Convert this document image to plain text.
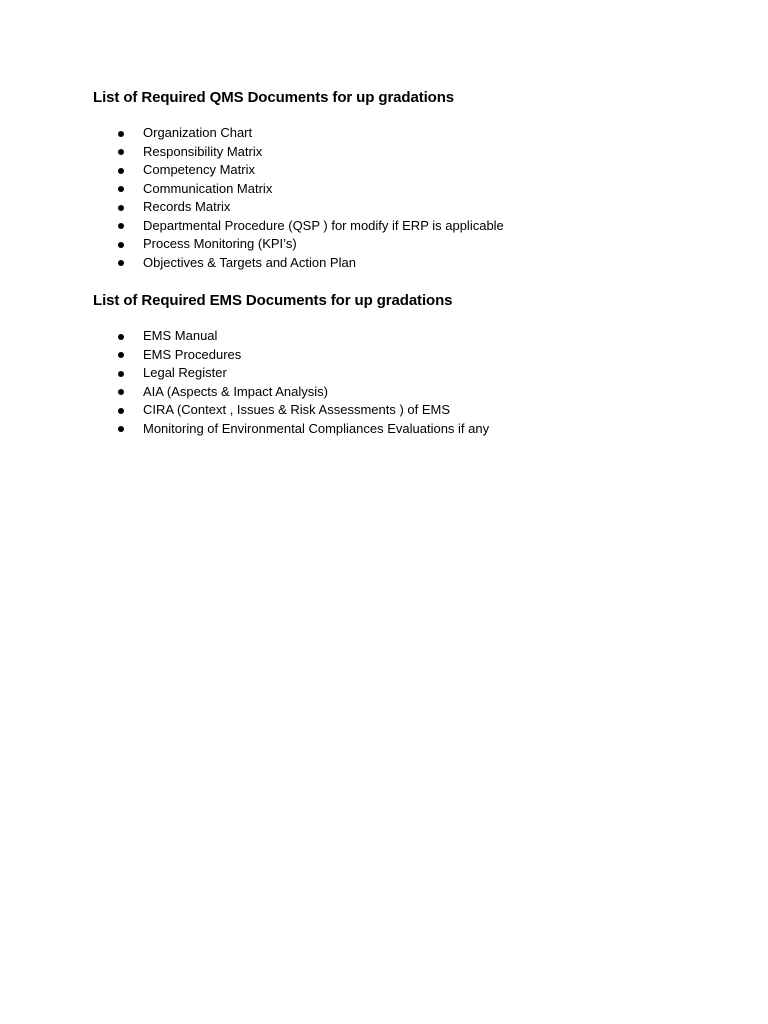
List of Required QMS Documents for up gradations
Organization Chart
Responsibility Matrix
Competency Matrix
Communication Matrix
Records Matrix
Departmental Procedure (QSP ) for modify if ERP is applicable
Process Monitoring (KPI’s)
Objectives & Targets and Action Plan
List of Required EMS Documents for up gradations
EMS Manual
EMS Procedures
Legal Register
AIA (Aspects & Impact Analysis)
CIRA (Context , Issues & Risk Assessments ) of EMS
Monitoring of Environmental Compliances Evaluations if any
